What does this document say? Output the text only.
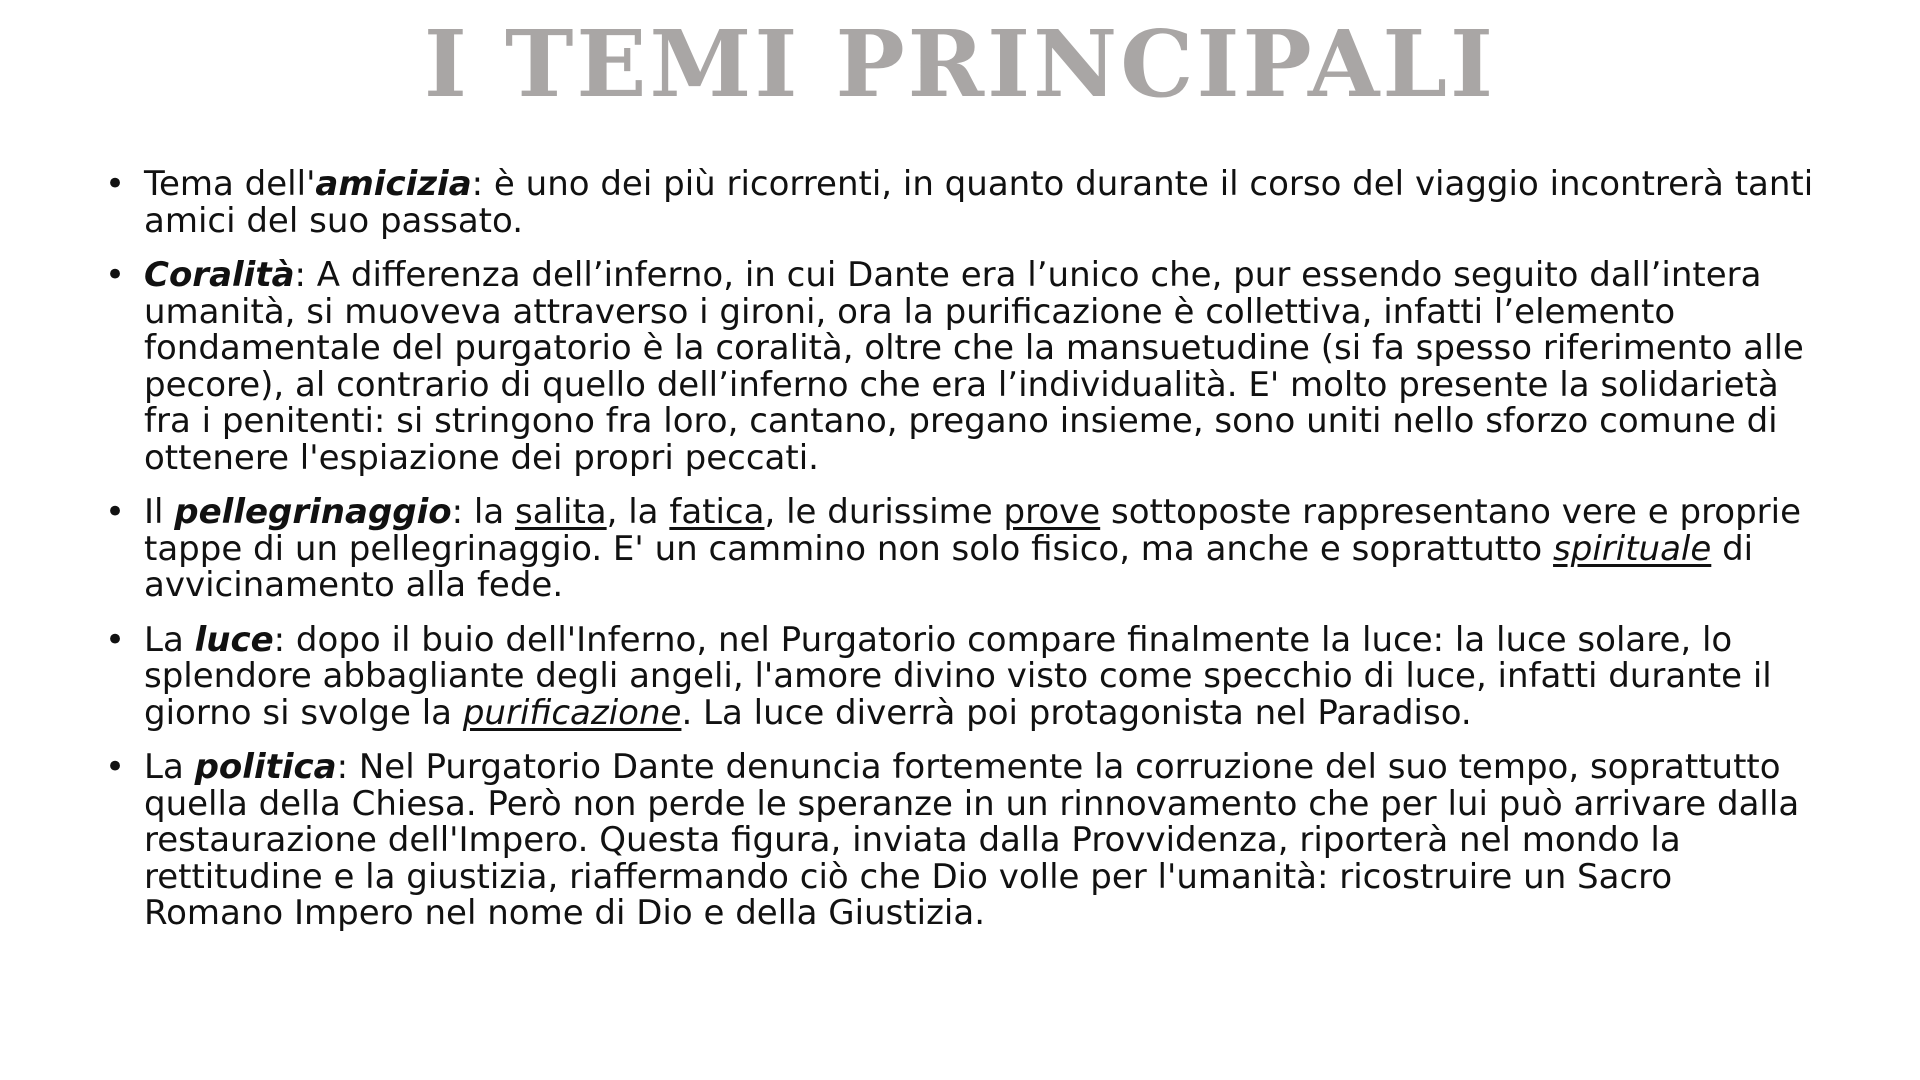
I TEMI PRINCIPALI
• Tema dell'amicizia: è uno dei più ricorrenti, in quanto durante il corso del viaggio incontrerà tanti amici del suo passato.
• Coralità: A differenza dell’inferno, in cui Dante era l’unico che, pur essendo seguito dall’intera umanità, si muoveva attraverso i gironi, ora la purificazione è collettiva, infatti l’elemento fondamentale del purgatorio è la coralità, oltre che la mansuetudine (si fa spesso riferimento alle pecore), al contrario di quello dell’inferno che era l’individualità. E' molto presente la solidarietà fra i penitenti: si stringono fra loro, cantano, pregano insieme, sono uniti nello sforzo comune di ottenere l'espiazione dei propri peccati.
• Il pellegrinaggio: la salita, la fatica, le durissime prove sottoposte rappresentano vere e proprie tappe di un pellegrinaggio. E' un cammino non solo fisico, ma anche e soprattutto spirituale di avvicinamento alla fede.
• La luce: dopo il buio dell'Inferno, nel Purgatorio compare finalmente la luce: la luce solare, lo splendore abbagliante degli angeli, l'amore divino visto come specchio di luce, infatti durante il giorno si svolge la purificazione. La luce diverrà poi protagonista nel Paradiso.
• La politica: Nel Purgatorio Dante denuncia fortemente la corruzione del suo tempo, soprattutto quella della Chiesa. Però non perde le speranze in un rinnovamento che per lui può arrivare dalla restaurazione dell'Impero. Questa figura, inviata dalla Provvidenza, riporterà nel mondo la rettitudine e la giustizia, riaffermando ciò che Dio volle per l'umanità: ricostruire un Sacro Romano Impero nel nome di Dio e della Giustizia.
